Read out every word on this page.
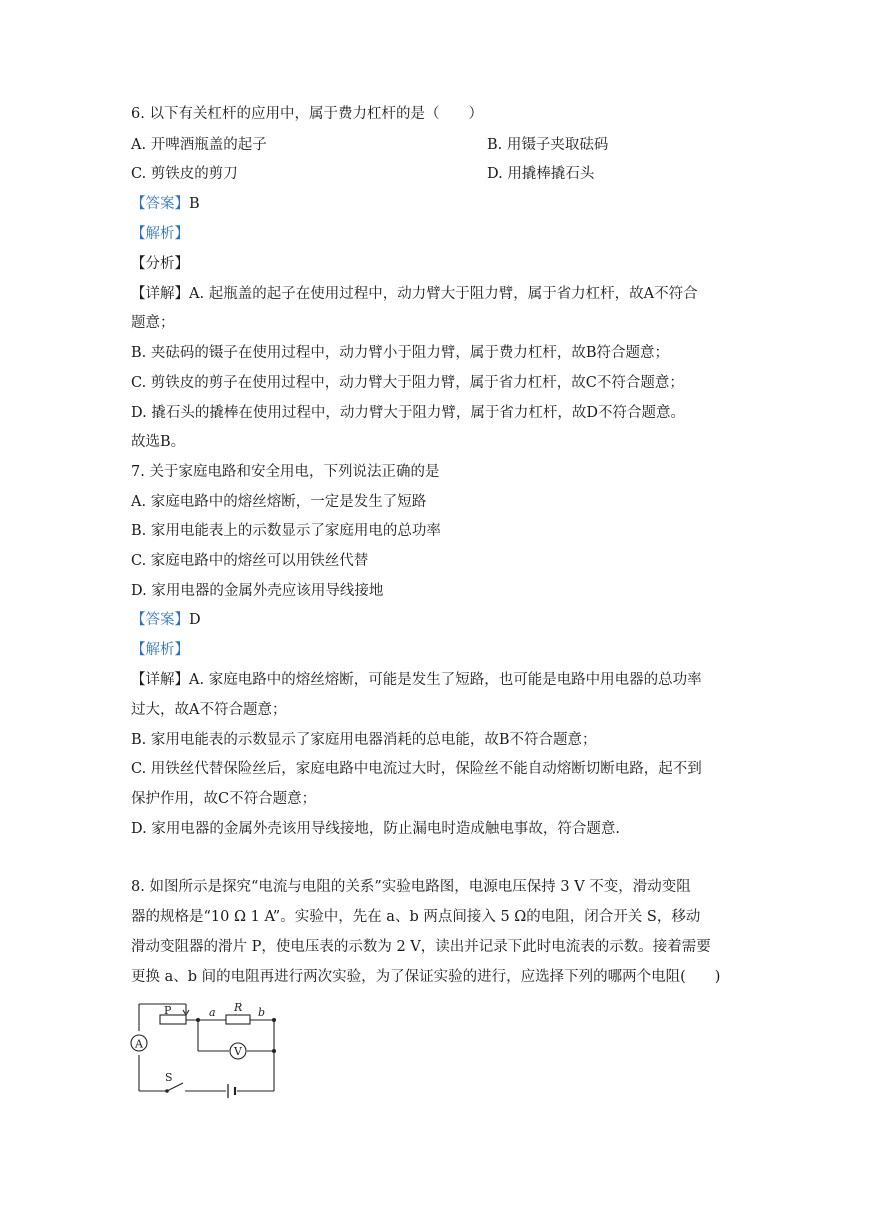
6. 以下有关杠杆的应用中，属于费力杠杆的是（　　）
A. 开啤酒瓶盖的起子	B. 用镊子夹取砝码
C. 剪铁皮的剪刀	D. 用撬棒撬石头
【答案】B
【解析】
【分析】
【详解】A. 起瓶盖的起子在使用过程中，动力臂大于阻力臂，属于省力杠杆，故A不符合
题意；
B. 夹砝码的镊子在使用过程中，动力臂小于阻力臂，属于费力杠杆，故B符合题意；
C. 剪铁皮的剪子在使用过程中，动力臂大于阻力臂，属于省力杠杆，故C不符合题意；
D. 撬石头的撬棒在使用过程中，动力臂大于阻力臂，属于省力杠杆，故D不符合题意。
故选B。
7. 关于家庭电路和安全用电，下列说法正确的是
A. 家庭电路中的熔丝熔断，一定是发生了短路
B. 家用电能表上的示数显示了家庭用电的总功率
C. 家庭电路中的熔丝可以用铁丝代替
D. 家用电器的金属外壳应该用导线接地
【答案】D
【解析】
【详解】A. 家庭电路中的熔丝熔断，可能是发生了短路，也可能是电路中用电器的总功率
过大，故A不符合题意；
B. 家用电能表的示数显示了家庭用电器消耗的总电能，故B不符合题意；
C. 用铁丝代替保险丝后，家庭电路中电流过大时，保险丝不能自动熔断切断电路，起不到
保护作用，故C不符合题意；
D. 家用电器的金属外壳该用导线接地，防止漏电时造成触电事故，符合题意.
8. 如图所示是探究“电流与电阻的关系”实验电路图，电源电压保持 3 V 不变，滑动变阻
器的规格是“10 Ω 1 A”。实验中，先在 a、b 两点间接入 5 Ω的电阻，闭合开关 S，移动
滑动变阻器的滑片 P，使电压表的示数为 2 V，读出并记录下此时电流表的示数。接着需要
更换 a、b 间的电阻再进行两次实验，为了保证实验的进行，应选择下列的哪两个电阻(　　)
A
V
P	a R b
S
